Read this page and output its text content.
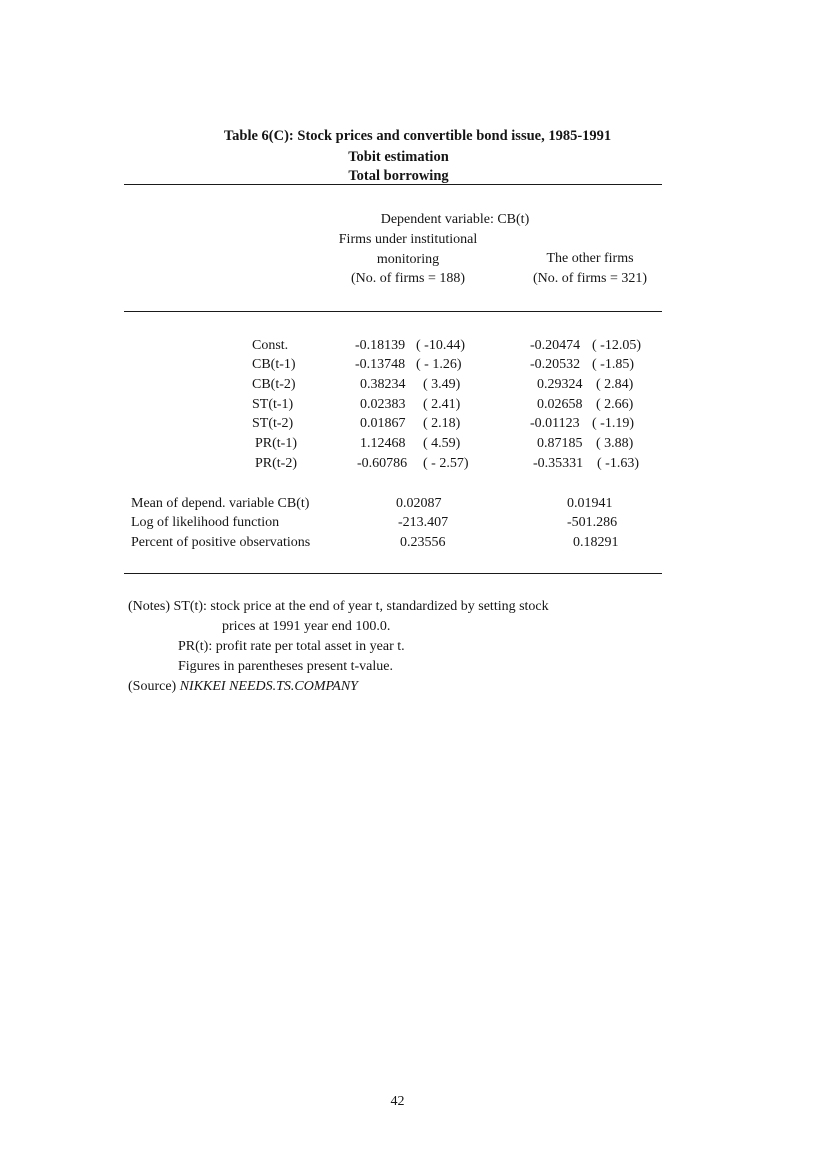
Table 6(C): Stock prices and convertible bond issue, 1985-1991
Tobit estimation
Total borrowing
Dependent variable: CB(t)
Firms under institutional
monitoring
(No. of firms = 188)
The other firms
(No. of firms = 321)
Const.	-0.18139 ( -10.44)	-0.20474 ( -12.05)
CB(t-1)	-0.13748 ( - 1.26)	-0.20532 ( -1.85)
CB(t-2)	0.38234 ( 3.49)	0.29324 ( 2.84)
ST(t-1)	0.02383 ( 2.41)	0.02658 ( 2.66)
ST(t-2)	0.01867 ( 2.18)	-0.01123 ( -1.19)
PR(t-1)	1.12468 ( 4.59)	0.87185 ( 3.88)
PR(t-2)	-0.60786 ( - 2.57)	-0.35331 ( -1.63)
Mean of depend. variable CB(t)	0.02087	0.01941
Log of likelihood function	-213.407	-501.286
Percent of positive observations	0.23556	0.18291
(Notes) ST(t): stock price at the end of year t, standardized by setting stock
prices at 1991 year end 100.0.
PR(t): profit rate per total asset in year t.
Figures in parentheses present t-value.
(Source) NIKKEI NEEDS.TS.COMPANY
42
